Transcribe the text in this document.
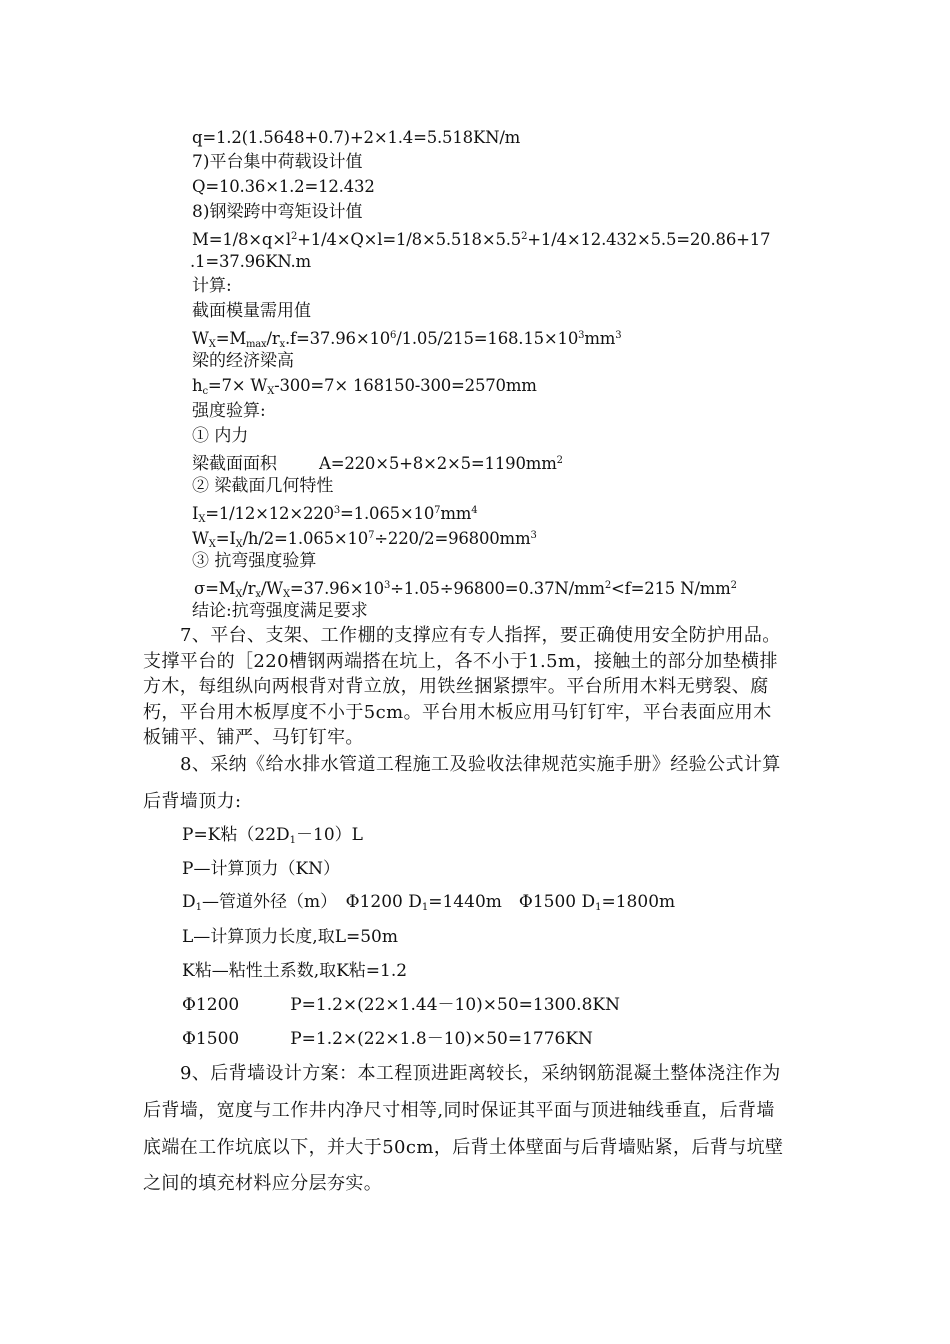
q=1.2(1.5648+0.7)+2×1.4=5.518KN/m
7)平台集中荷载设计值
Q=10.36×1.2=12.432
8)钢梁跨中弯矩设计值
$M=1/8\times q\times l^2+1/4\times Q\times l=1/8\times 5.518\times 5.5^2+1/4\times 12.432\times 5.5=20.86+17$
.1=37.96KN.m
计算:
截面模量需用值
$W_X=M_{max}/r_x.f=37.96\times 10^6/1.05/215=168.15\times 10^3mm^3$
梁的经济梁高
$h_c=7\times W_X-300=7\times 168150-300=2570mm$
强度验算:
① 内力
梁截面面积	$A=220\times 5+8\times 2\times 5=1190mm^2$
② 梁截面几何特性
$I_X=1/12\times 12\times 220^3=1.065\times 10^7mm^4$
$W_X=I_X/h/2=1.065\times 10^7\div 220/2=96800mm^3$
③ 抗弯强度验算
$\sigma=M_X/r_x/W_X=37.96\times 10^3\div 1.05\div 96800=0.37N/mm^2<f=215$ $N/mm^2$
结论:抗弯强度满足要求
7、平台、支架、工作棚的支撑应有专人指挥，要正确使用安全防护用品。
支撑平台的［220槽钢两端搭在坑上，各不小于1.5m，接触土的部分加垫横排
方木，每组纵向两根背对背立放，用铁丝捆紧摽牢。平台所用木料无劈裂、腐
朽，平台用木板厚度不小于5cm。平台用木板应用马钉钉牢，平台表面应用木
板铺平、铺严、马钉钉牢。
8、采纳《给水排水管道工程施工及验收法律规范实施手册》经验公式计算
后背墙顶力:
P=K粘$(22D_1-10)L$
P—计算顶力（KN）
$D_1—$管道外径（m）　Φ1200 $D_1=1440m$　Φ1500 $D_1=1800m$
L—计算顶力长度,取L=50m
K粘—粘性土系数,取K粘=1.2
Φ1200　　　P=1.2×(22×1.44－10)×50=1300.8KN
Φ1500　　　P=1.2×(22×1.8－10)×50=1776KN
9、后背墙设计方案：本工程顶进距离较长，采纳钢筋混凝土整体浇注作为
后背墙，宽度与工作井内净尺寸相等,同时保证其平面与顶进轴线垂直，后背墙
底端在工作坑底以下，并大于50cm，后背土体壁面与后背墙贴紧，后背与坑壁
之间的填充材料应分层夯实。
